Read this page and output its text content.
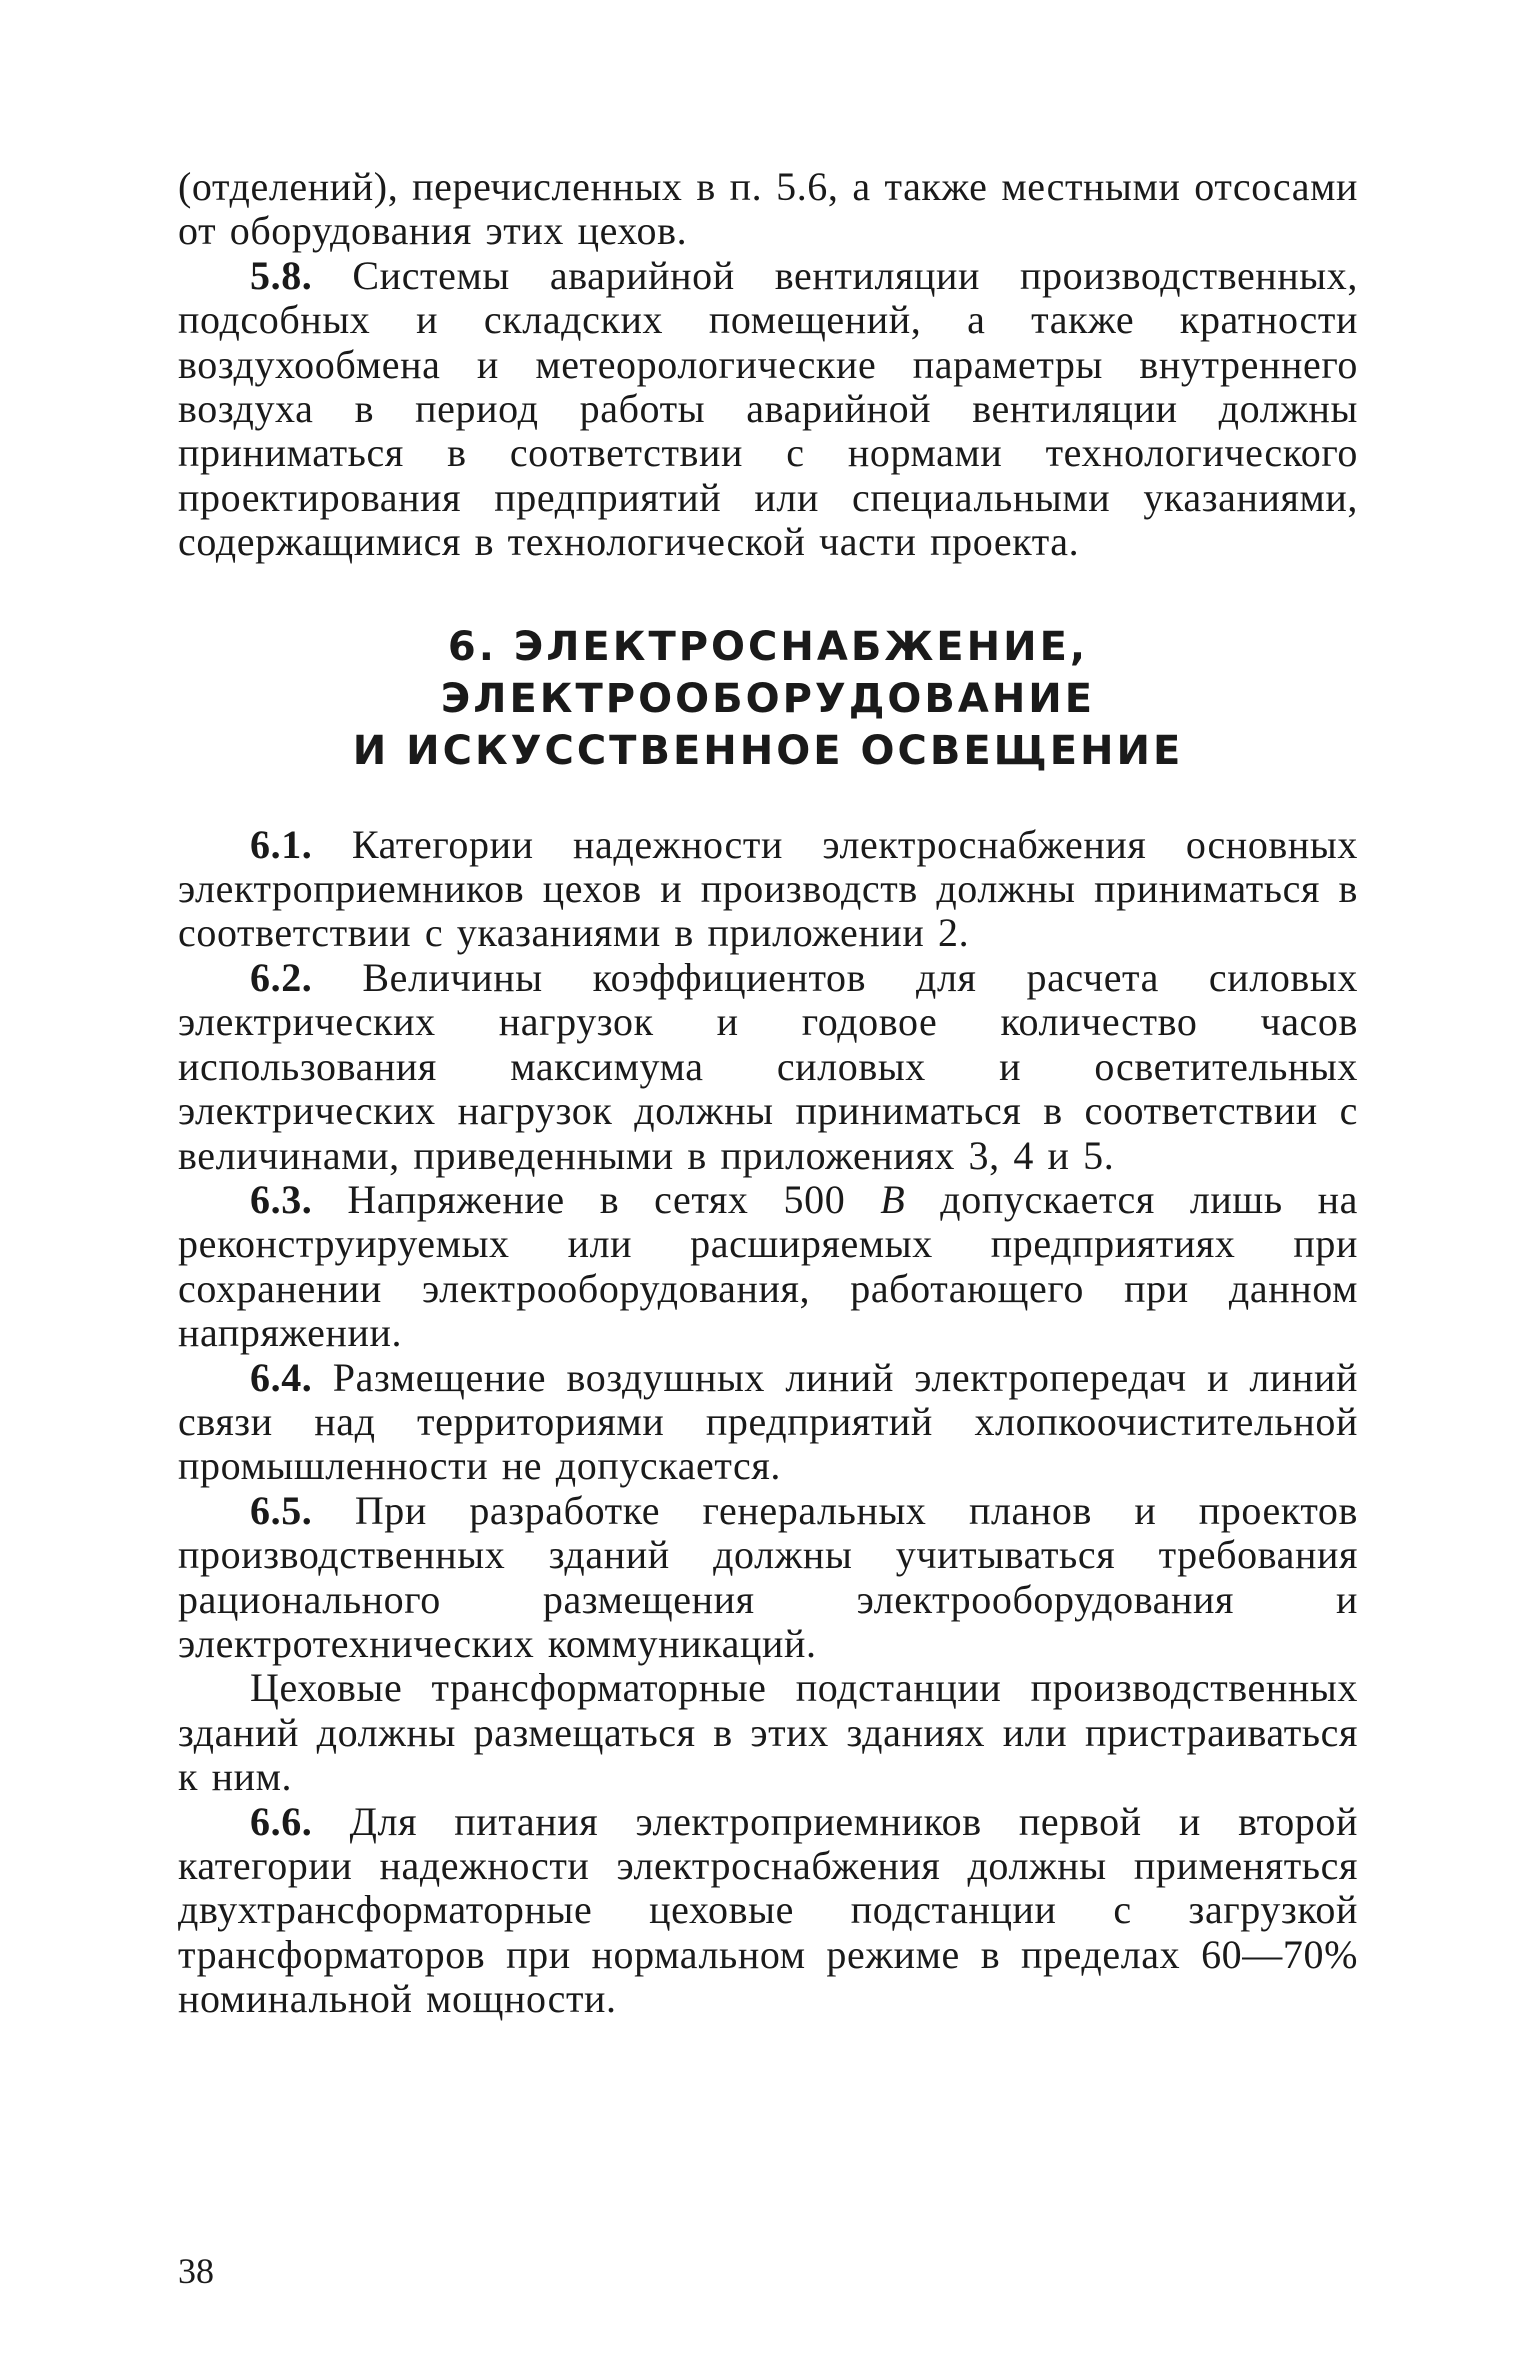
(отделений), перечисленных в п. 5.6, а также местными отсосами от оборудования этих цехов.

5.8. Системы аварийной вентиляции производственных, подсобных и складских помещений, а также кратности воздухообмена и метеорологические параметры внутреннего воздуха в период работы аварийной вентиляции должны приниматься в соответствии с нормами технологического проектирования предприятий или специальными указаниями, содержащимися в технологической части проекта.

6. ЭЛЕКТРОСНАБЖЕНИЕ,
ЭЛЕКТРООБОРУДОВАНИЕ
И ИСКУССТВЕННОЕ ОСВЕЩЕНИЕ

6.1. Категории надежности электроснабжения основных электроприемников цехов и производств должны приниматься в соответствии с указаниями в приложении 2.

6.2. Величины коэффициентов для расчета силовых электрических нагрузок и годовое количество часов использования максимума силовых и осветительных электрических нагрузок должны приниматься в соответствии с величинами, приведенными в приложениях 3, 4 и 5.

6.3. Напряжение в сетях 500 В допускается лишь на реконструируемых или расширяемых предприятиях при сохранении электрооборудования, работающего при данном напряжении.

6.4. Размещение воздушных линий электропередач и линий связи над территориями предприятий хлопкоочистительной промышленности не допускается.

6.5. При разработке генеральных планов и проектов производственных зданий должны учитываться требования рационального размещения электрооборудования и электротехнических коммуникаций.

Цеховые трансформаторные подстанции производственных зданий должны размещаться в этих зданиях или пристраиваться к ним.

6.6. Для питания электроприемников первой и второй категории надежности электроснабжения должны применяться двухтрансформаторные цеховые подстанции с загрузкой трансформаторов при нормальном режиме в пределах 60—70% номинальной мощности.

38
